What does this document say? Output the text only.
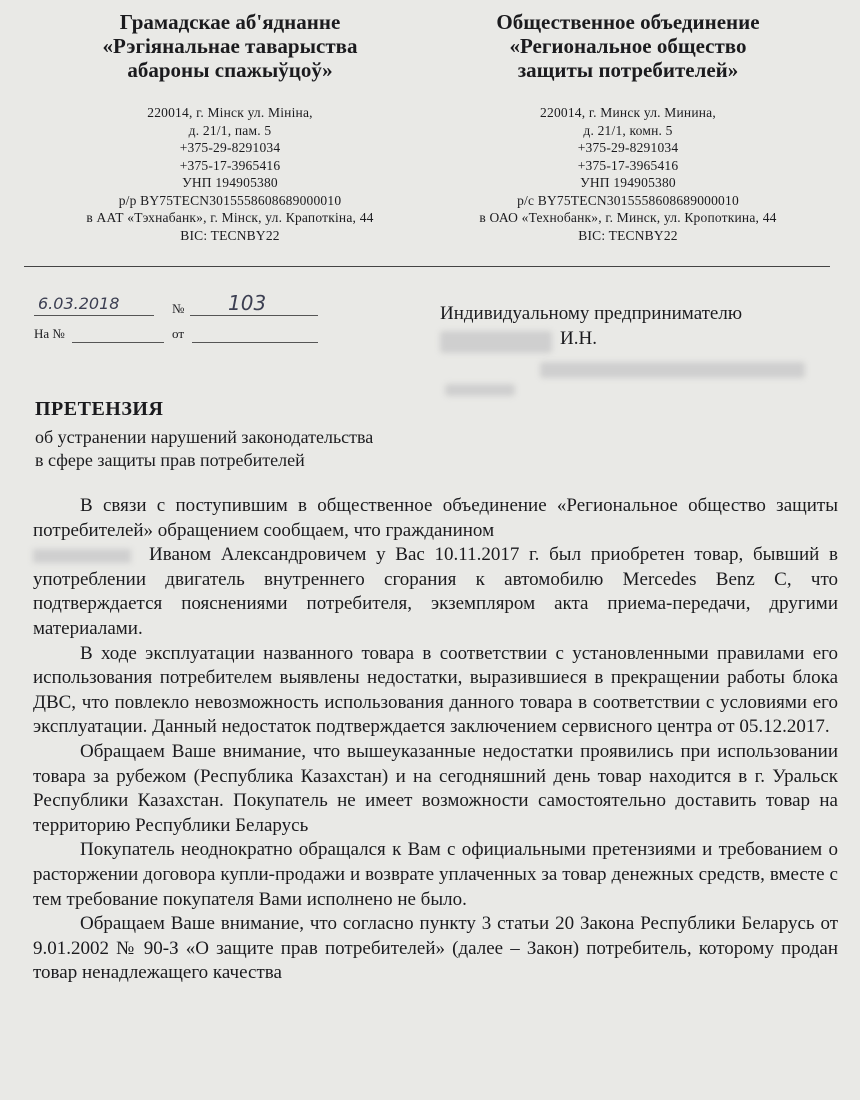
Грамадскае аб'яднанне
«Рэгіянальнае таварыства
абароны спажыўцоў»
220014, г. Мінск ул. Мініна,
д. 21/1, пам. 5
+375-29-8291034
+375-17-3965416
УНП 194905380
р/р BY75TECN3015558608689000010
в ААТ «Тэхнабанк», г. Мінск, ул. Крапоткіна, 44
BIC: TECNBY22
Общественное объединение
«Региональное общество
защиты потребителей»
220014, г. Минск ул. Минина,
д. 21/1, комн. 5
+375-29-8291034
+375-17-3965416
УНП 194905380
р/с BY75TECN3015558608689000010
в ОАО «Технобанк», г. Минск, ул. Кропоткина, 44
BIC: TECNBY22
6.03.2018	№ 103
На №	от
Индивидуальному предпринимателю
И.Н.
ПРЕТЕНЗИЯ
об устранении нарушений законодательства
в сфере защиты прав потребителей

В связи с поступившим в общественное объединение «Региональное общество защиты потребителей» обращением сообщаем, что гражданином

Иваном Александровичем у Вас 10.11.2017 г. был приобретен товар, бывший в употреблении двигатель внутреннего сгорания к автомобилю Mercedes Benz C, что подтверждается пояснениями потребителя, экземпляром акта приема-передачи, другими материалами.

В ходе эксплуатации названного товара в соответствии с установленными правилами его использования потребителем выявлены недостатки, выразившиеся в прекращении работы блока ДВС, что повлекло невозможность использования данного товара в соответствии с условиями его эксплуатации. Данный недостаток подтверждается заключением сервисного центра от 05.12.2017.

Обращаем Ваше внимание, что вышеуказанные недостатки проявились при использовании товара за рубежом (Республика Казахстан) и на сегодняшний день товар находится в г. Уральск Республики Казахстан. Покупатель не имеет возможности самостоятельно доставить товар на территорию Республики Беларусь

Покупатель неоднократно обращался к Вам с официальными претензиями и требованием о расторжении договора купли-продажи и возврате уплаченных за товар денежных средств, вместе с тем требование покупателя Вами исполнено не было.

Обращаем Ваше внимание, что согласно пункту 3 статьи 20 Закона Республики Беларусь от 9.01.2002 № 90-З «О защите прав потребителей» (далее – Закон) потребитель, которому продан товар ненадлежащего качества
